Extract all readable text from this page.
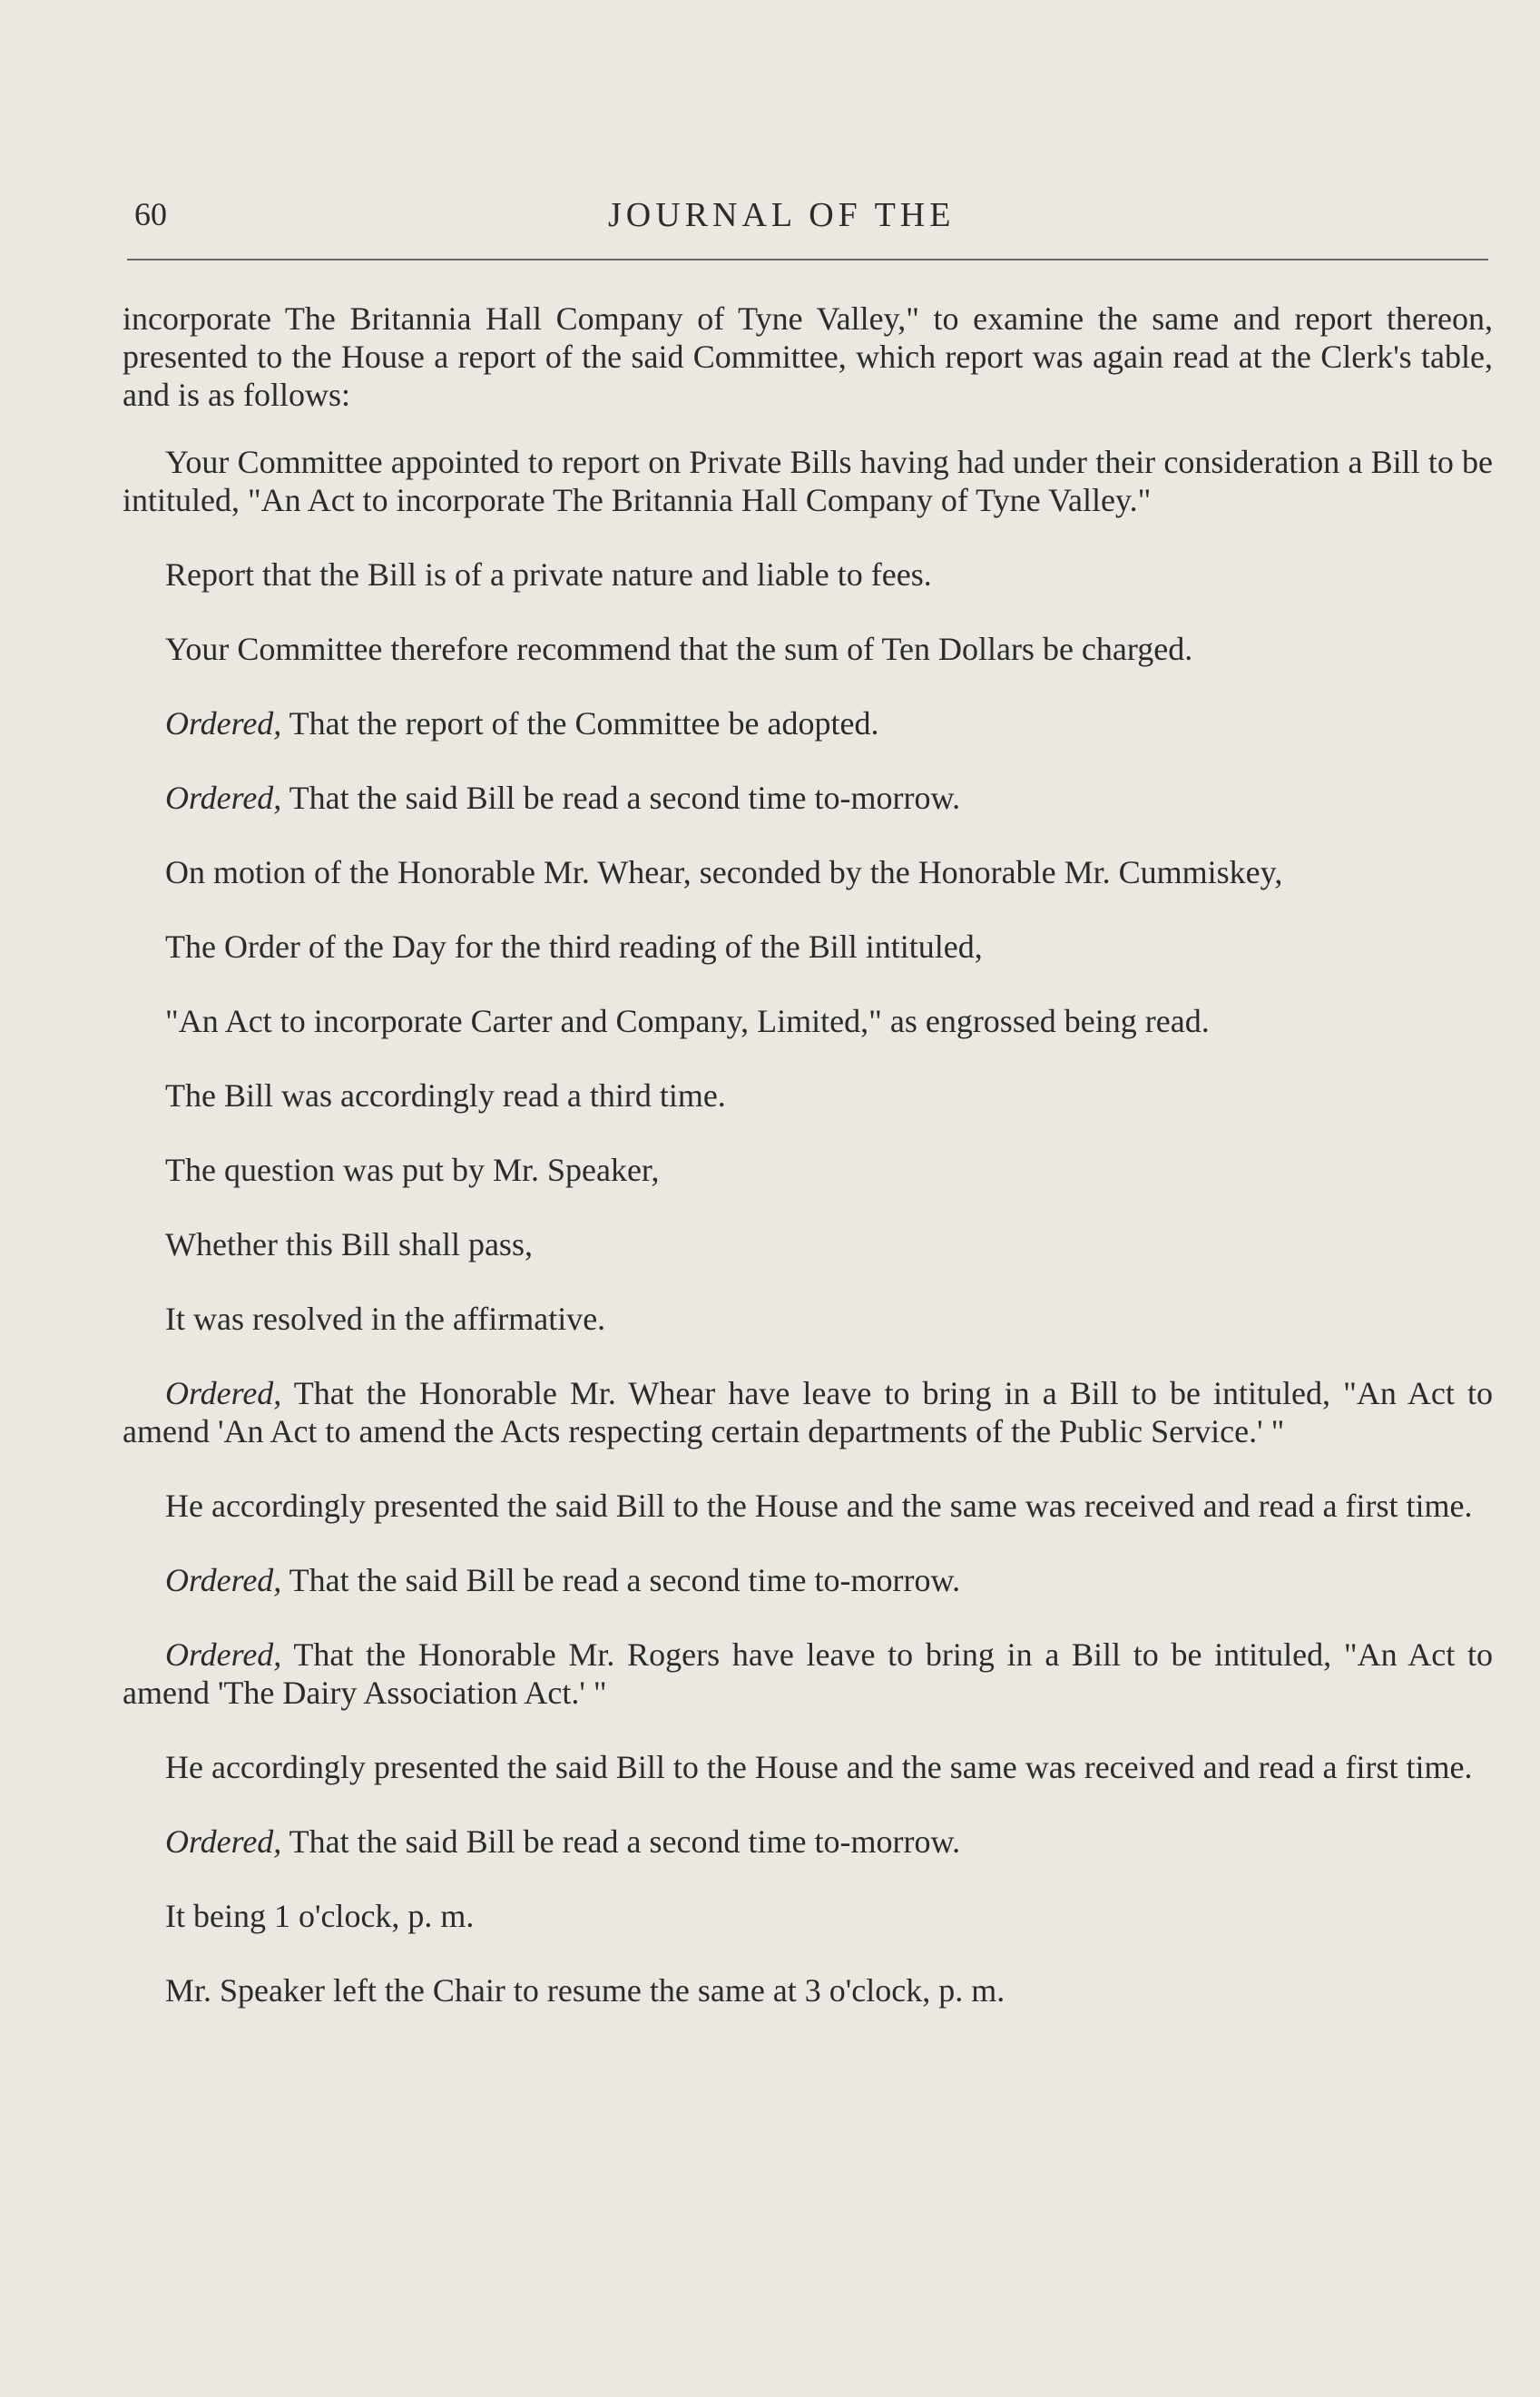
60	JOURNAL OF THE

incorporate The Britannia Hall Company of Tyne Valley," to examine the same and report thereon, presented to the House a report of the said Committee, which report was again read at the Clerk's table, and is as follows:

Your Committee appointed to report on Private Bills having had under their consideration a Bill to be intituled, "An Act to incorporate The Britannia Hall Company of Tyne Valley."

Report that the Bill is of a private nature and liable to fees.

Your Committee therefore recommend that the sum of Ten Dollars be charged.

Ordered, That the report of the Committee be adopted.

Ordered, That the said Bill be read a second time to-morrow.

On motion of the Honorable Mr. Whear, seconded by the Honorable Mr. Cummiskey,

The Order of the Day for the third reading of the Bill intituled,

"An Act to incorporate Carter and Company, Limited," as engrossed being read.

The Bill was accordingly read a third time.

The question was put by Mr. Speaker,

Whether this Bill shall pass,

It was resolved in the affirmative.

Ordered, That the Honorable Mr. Whear have leave to bring in a Bill to be intituled, "An Act to amend 'An Act to amend the Acts respecting certain departments of the Public Service.' "

He accordingly presented the said Bill to the House and the same was received and read a first time.

Ordered, That the said Bill be read a second time to-morrow.

Ordered, That the Honorable Mr. Rogers have leave to bring in a Bill to be intituled, "An Act to amend 'The Dairy Association Act.' "

He accordingly presented the said Bill to the House and the same was received and read a first time.

Ordered, That the said Bill be read a second time to-morrow.

It being 1 o'clock, p. m.

Mr. Speaker left the Chair to resume the same at 3 o'clock, p. m.
